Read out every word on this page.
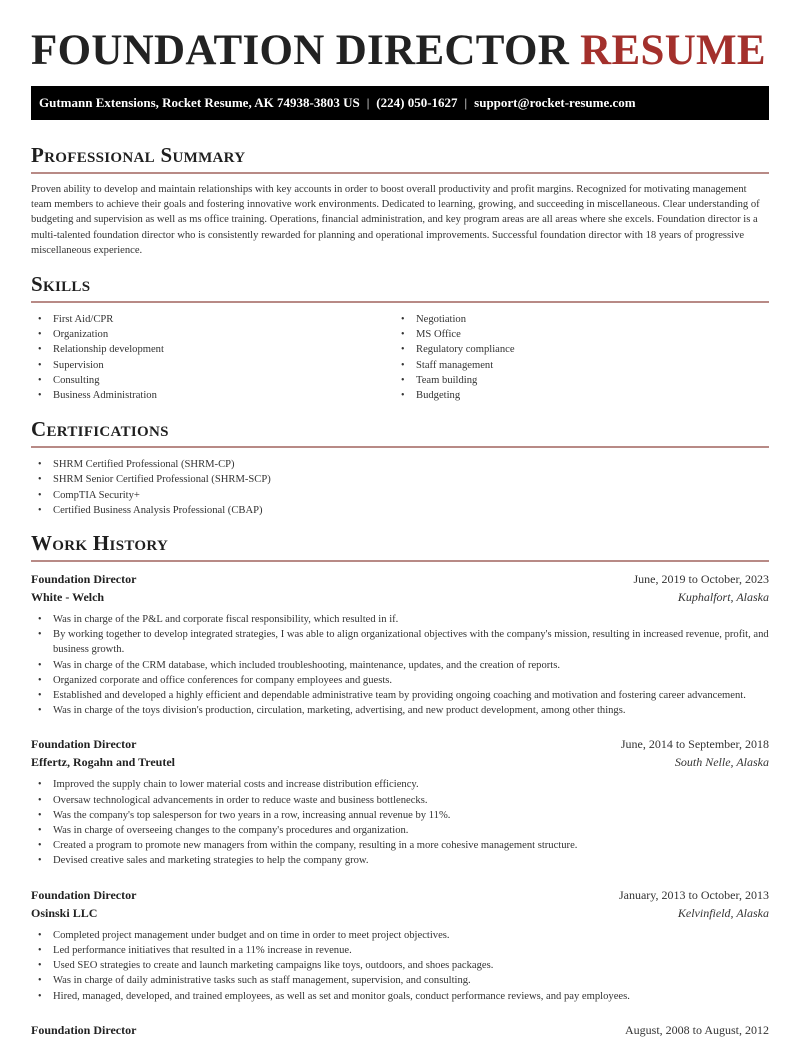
FOUNDATION DIRECTOR RESUME
Gutmann Extensions, Rocket Resume, AK 74938-3803 US | (224) 050-1627 | support@rocket-resume.com
Professional Summary

Proven ability to develop and maintain relationships with key accounts in order to boost overall productivity and profit margins. Recognized for motivating management team members to achieve their goals and fostering innovative work environments. Dedicated to learning, growing, and succeeding in miscellaneous. Clear understanding of budgeting and supervision as well as ms office training. Operations, financial administration, and key program areas are all areas where she excels. Foundation director is a multi-talented foundation director who is consistently rewarded for planning and operational improvements. Successful foundation director with 18 years of progressive miscellaneous experience.

Skills
• First Aid/CPR
• Organization
• Relationship development
• Supervision
• Consulting
• Business Administration
• Negotiation
• MS Office
• Regulatory compliance
• Staff management
• Team building
• Budgeting
Certifications
• SHRM Certified Professional (SHRM-CP)
• SHRM Senior Certified Professional (SHRM-SCP)
• CompTIA Security+
• Certified Business Analysis Professional (CBAP)
Work History
Foundation Director	June, 2019 to October, 2023
White - Welch	Kuphalfort, Alaska
• Was in charge of the P&L and corporate fiscal responsibility, which resulted in if.
• By working together to develop integrated strategies, I was able to align organizational objectives with the company's mission, resulting in increased revenue, profit, and business growth.
• Was in charge of the CRM database, which included troubleshooting, maintenance, updates, and the creation of reports.
• Organized corporate and office conferences for company employees and guests.
• Established and developed a highly efficient and dependable administrative team by providing ongoing coaching and motivation and fostering career advancement.
• Was in charge of the toys division's production, circulation, marketing, advertising, and new product development, among other things.
Foundation Director	June, 2014 to September, 2018
Effertz, Rogahn and Treutel	South Nelle, Alaska
• Improved the supply chain to lower material costs and increase distribution efficiency.
• Oversaw technological advancements in order to reduce waste and business bottlenecks.
• Was the company's top salesperson for two years in a row, increasing annual revenue by 11%.
• Was in charge of overseeing changes to the company's procedures and organization.
• Created a program to promote new managers from within the company, resulting in a more cohesive management structure.
• Devised creative sales and marketing strategies to help the company grow.
Foundation Director	January, 2013 to October, 2013
Osinski LLC	Kelvinfield, Alaska
• Completed project management under budget and on time in order to meet project objectives.
• Led performance initiatives that resulted in a 11% increase in revenue.
• Used SEO strategies to create and launch marketing campaigns like toys, outdoors, and shoes packages.
• Was in charge of daily administrative tasks such as staff management, supervision, and consulting.
• Hired, managed, developed, and trained employees, as well as set and monitor goals, conduct performance reviews, and pay employees.
Foundation Director	August, 2008 to August, 2012
